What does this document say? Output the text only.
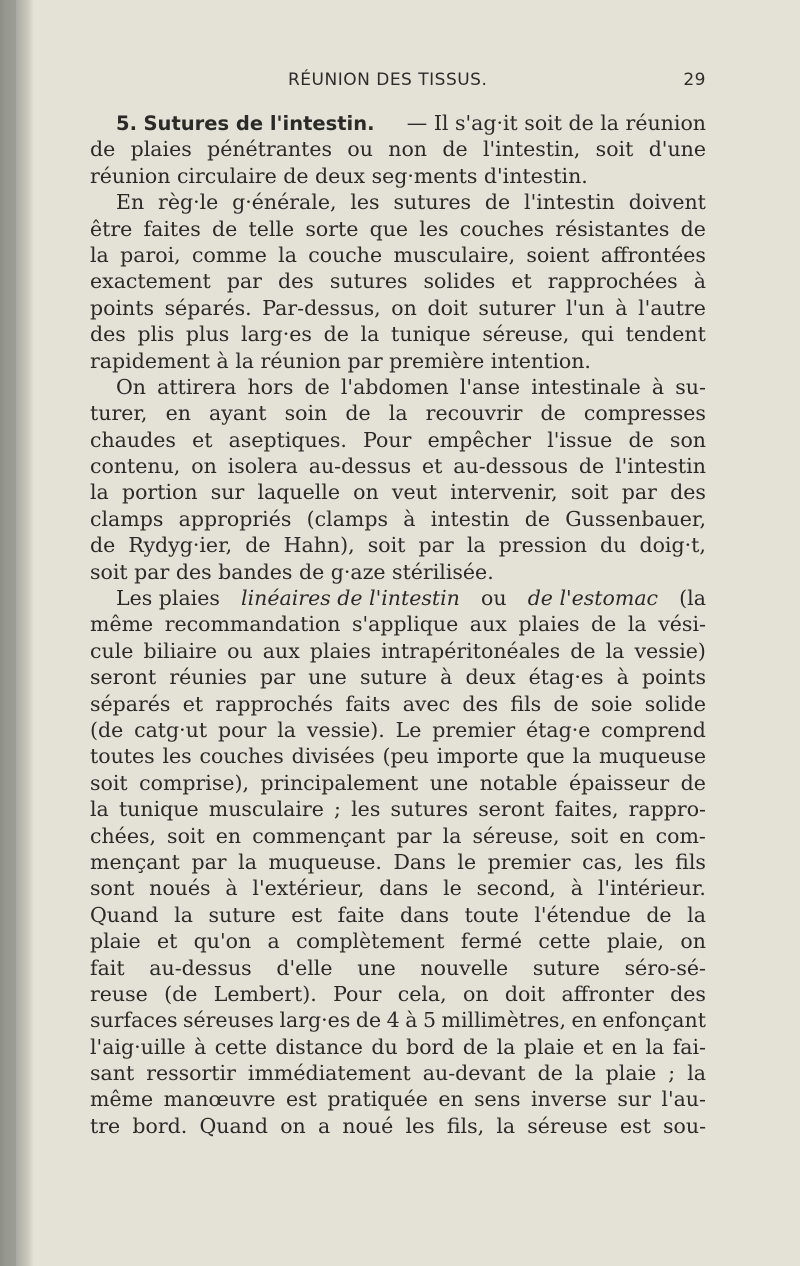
RÉUNION DES TISSUS.	29
5. Sutures de l'intestin. — Il s'ag·it soit de la réunion
de plaies pénétrantes ou non de l'intestin, soit d'une
réunion circulaire de deux seg·ments d'intestin.
En règ·le g·énérale, les sutures de l'intestin doivent
être faites de telle sorte que les couches résistantes de
la paroi, comme la couche musculaire, soient affrontées
exactement par des sutures solides et rapprochées à
points séparés. Par-dessus, on doit suturer l'un à l'autre
des plis plus larg·es de la tunique séreuse, qui tendent
rapidement à la réunion par première intention.
On attirera hors de l'abdomen l'anse intestinale à su-
turer, en ayant soin de la recouvrir de compresses
chaudes et aseptiques. Pour empêcher l'issue de son
contenu, on isolera au-dessus et au-dessous de l'intestin
la portion sur laquelle on veut intervenir, soit par des
clamps appropriés (clamps à intestin de Gussenbauer,
de Rydyg·ier, de Hahn), soit par la pression du doig·t,
soit par des bandes de g·aze stérilisée.
Les plaies linéaires de l'intestin ou de l'estomac (la
même recommandation s'applique aux plaies de la vési-
cule biliaire ou aux plaies intrapéritonéales de la vessie)
seront réunies par une suture à deux étag·es à points
séparés et rapprochés faits avec des fils de soie solide
(de catg·ut pour la vessie). Le premier étag·e comprend
toutes les couches divisées (peu importe que la muqueuse
soit comprise), principalement une notable épaisseur de
la tunique musculaire ; les sutures seront faites, rappro-
chées, soit en commençant par la séreuse, soit en com-
mençant par la muqueuse. Dans le premier cas, les fils
sont noués à l'extérieur, dans le second, à l'intérieur.
Quand la suture est faite dans toute l'étendue de la
plaie et qu'on a complètement fermé cette plaie, on
fait au-dessus d'elle une nouvelle suture séro-sé-
reuse (de Lembert). Pour cela, on doit affronter des
surfaces séreuses larg·es de 4 à 5 millimètres, en enfonçant
l'aig·uille à cette distance du bord de la plaie et en la fai-
sant ressortir immédiatement au-devant de la plaie ; la
même manœuvre est pratiquée en sens inverse sur l'au-
tre bord. Quand on a noué les fils, la séreuse est sou-
